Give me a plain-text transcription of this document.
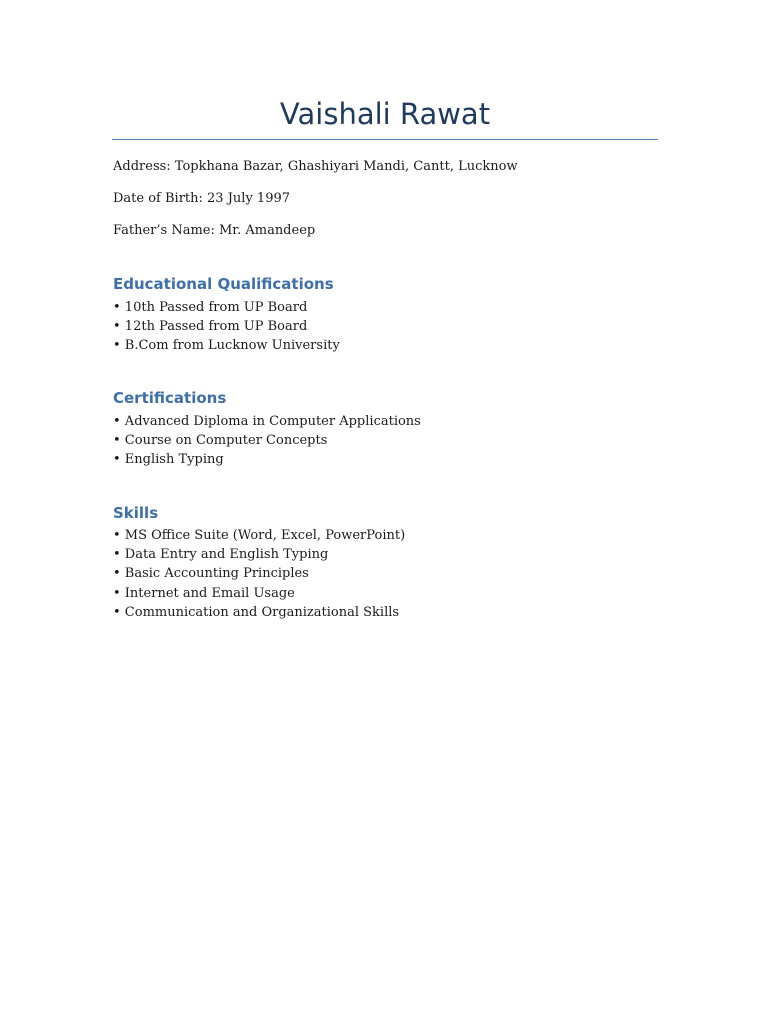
Vaishali Rawat

Address: Topkhana Bazar, Ghashiyari Mandi, Cantt, Lucknow

Date of Birth: 23 July 1997

Father’s Name: Mr. Amandeep

Educational Qualifications
• 10th Passed from UP Board
• 12th Passed from UP Board
• B.Com from Lucknow University
Certifications
• Advanced Diploma in Computer Applications
• Course on Computer Concepts
• English Typing
Skills
• MS Office Suite (Word, Excel, PowerPoint)
• Data Entry and English Typing
• Basic Accounting Principles
• Internet and Email Usage
• Communication and Organizational Skills
